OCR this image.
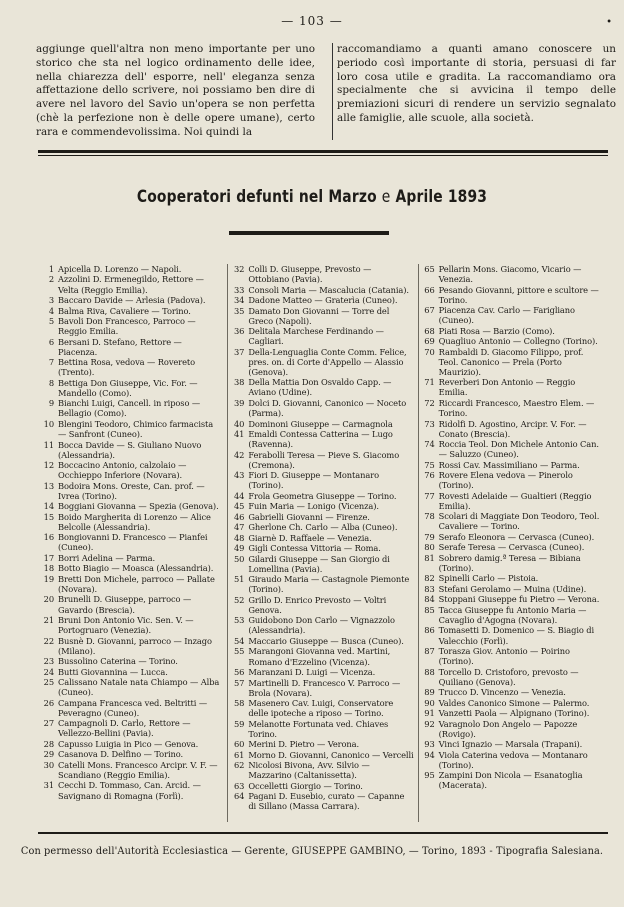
— 103 —	•
aggiunge quell'altra non meno importante per uno storico che sta nel logico ordinamento delle idee, nella chiarezza dell' esporre, nell' eleganza senza affettazione dello scrivere, noi possiamo ben dire di avere nel lavoro del Savio un'opera se non perfetta (chè la perfezione non è delle opere umane), certo rara e commendevolissima. Noi quindi la
raccomandiamo a quanti amano conoscere un periodo così importante di storia, persuasi di far loro cosa utile e gradita. La raccomandiamo ora specialmente che si avvicina il tempo delle premiazioni sicuri di rendere un servizio segnalato alle famiglie, alle scuole, alla società.
Cooperatori defunti nel Marzo e Aprile 1893
1 Apicella D. Lorenzo — Napoli.
2 Azzolini D. Ermenegildo, Rettore — Velta (Reggio Emilia).
3 Baccaro Davide — Arlesia (Padova).
4 Balma Riva, Cavaliere — Torino.
5 Bavoli Don Francesco, Parroco — Reggio Emilia.
6 Bersani D. Stefano, Rettore — Piacenza.
7 Bettina Rosa, vedova — Rovereto (Trento).
8 Bettiga Don Giuseppe, Vic. For. — Mandello (Como).
9 Bianchi Luigi, Cancell. in riposo — Bellagio (Como).
10 Blengini Teodoro, Chimico farmacista — Sanfront (Cuneo).
11 Bocca Davide — S. Giuliano Nuovo (Alessandria).
12 Boccacino Antonio, calzolaio — Occhieppo Inferiore (Novara).
13 Bodoira Mons. Oreste, Can. prof. — Ivrea (Torino).
14 Boggiani Giovanna — Spezia (Genova).
15 Boido Margherita di Lorenzo — Alice Belcolle (Alessandria).
16 Bongiovanni D. Francesco — Pianfei (Cuneo).
17 Borri Adelina — Parma.
18 Botto Biagio — Moasca (Alessandria).
19 Bretti Don Michele, parroco — Pallate (Novara).
20 Brunelli D. Giuseppe, parroco — Gavardo (Brescia).
21 Bruni Don Antonio Vic. Sen. V. — Portogruaro (Venezia).
22 Busnè D. Giovanni, parroco — Inzago (Milano).
23 Bussolino Caterina — Torino.
24 Butti Giovannina — Lucca.
25 Calissano Natale nata Chiampo — Alba (Cuneo).
26 Campana Francesca ved. Beltritti — Peveragno (Cuneo).
27 Campagnoli D. Carlo, Rettore — Vellezzo-Bellini (Pavia).
28 Capusso Luigia in Pico — Genova.
29 Casanova D. Delfino — Torino.
30 Catelli Mons. Francesco Arcipr. V. F. — Scandiano (Reggio Emilia).
31 Cecchi D. Tommaso, Can. Arcid. — Savignano di Romagna (Forlì).
32 Colli D. Giuseppe, Prevosto — Ottobiano (Pavia).
33 Consoli Maria — Mascalucia (Catania).
34 Dadone Matteo — Graterìa (Cuneo).
35 Damato Don Giovanni — Torre del Greco (Napoli).
36 Delitala Marchese Ferdinando — Cagliari.
37 Della-Lenguaglia Conte Comm. Felice, pres. on. di Corte d'Appello — Alassio (Genova).
38 Della Mattia Don Osvaldo Capp. — Aviano (Udine).
39 Dolci D. Giovanni, Canonico — Noceto (Parma).
40 Dominoni Giuseppe — Carmagnola
41 Emaldi Contessa Catterina — Lugo (Ravenna).
42 Ferabolli Teresa — Pieve S. Giacomo (Cremona).
43 Fiori D. Giuseppe — Montanaro (Torino).
44 Frola Geometra Giuseppe — Torino.
45 Fuin Maria — Lonigo (Vicenza).
46 Gabrielli Giovanni — Firenze.
47 Gherlone Ch. Carlo — Alba (Cuneo).
48 Giarnè D. Raffaele — Venezia.
49 Gigli Contessa Vittoria — Roma.
50 Gilardi Giuseppe — San Giorgio di Lomellina (Pavia).
51 Giraudo Maria — Castagnole Piemonte (Torino).
52 Grillo D. Enrico Prevosto — Voltri Genova.
53 Guidobono Don Carlo — Vignazzolo (Alessandria).
54 Maccario Giuseppe — Busca (Cuneo).
55 Marangoni Giovanna ved. Martini, Romano d'Ezzelino (Vicenza).
56 Maranzani D. Luigi — Vicenza.
57 Martinelli D. Francesco V. Parroco — Brola (Novara).
58 Masenero Cav. Luigi, Conservatore delle ipoteche a riposo — Torino.
59 Melanotte Fortunata ved. Chiaves Torino.
60 Merini D. Pietro — Verona.
61 Morno D. Giovanni, Canonico — Vercelli
62 Nicolosi Bivona, Avv. Silvio — Mazzarino (Caltanissetta).
63 Occelletti Giorgio — Torino.
64 Pagani D. Eusebio, curato — Capanne di Sillano (Massa Carrara).
65 Pellarin Mons. Giacomo, Vicario — Venezia.
66 Pesando Giovanni, pittore e scultore — Torino.
67 Piacenza Cav. Carlo — Farigliano (Cuneo).
68 Piati Rosa — Barzio (Como).
69 Quagliuo Antonio — Collegno (Torino).
70 Rambaldi D. Giacomo Filippo, prof. Teol. Canonico — Prela (Porto Maurizio).
71 Reverberi Don Antonio — Reggio Emilia.
72 Riccardi Francesco, Maestro Elem. — Torino.
73 Ridolfi D. Agostino, Arcipr. V. For. — Conato (Brescia).
74 Roccia Teol. Don Michele Antonio Can. — Saluzzo (Cuneo).
75 Rossi Cav. Massimiliano — Parma.
76 Rovere Elena vedova — Pinerolo (Torino).
77 Rovesti Adelaide — Gualtieri (Reggio Emilia).
78 Scolari di Maggiate Don Teodoro, Teol. Cavaliere — Torino.
79 Serafo Eleonora — Cervasca (Cuneo).
80 Serafe Teresa — Cervasca (Cuneo).
81 Sobrero damig.ª Teresa — Bibiana (Torino).
82 Spinelli Carlo — Pistoia.
83 Stefani Gerolamo — Muina (Udine).
84 Stoppani Giuseppe fu Pietro — Verona.
85 Tacca Giuseppe fu Antonio Maria — Cavaglio d'Agogna (Novara).
86 Tomasetti D. Domenico — S. Biagio di Valecchio (Forlì).
87 Torasza Giov. Antonio — Poirino (Torino).
88 Torcello D. Cristoforo, prevosto — Quiliano (Genova).
89 Trucco D. Vincenzo — Venezia.
90 Valdes Canonico Simone — Palermo.
91 Vanzetti Paola — Alpignano (Torino).
92 Varagnolo Don Angelo — Papozze (Rovigo).
93 Vinci Ignazio — Marsala (Trapani).
94 Viola Caterina vedova — Montanaro (Torino).
95 Zampini Don Nicola — Esanatoglia (Macerata).
Con permesso dell'Autorità Ecclesiastica — Gerente, GIUSEPPE GAMBINO, — Torino, 1893 - Tipografia Salesiana.
